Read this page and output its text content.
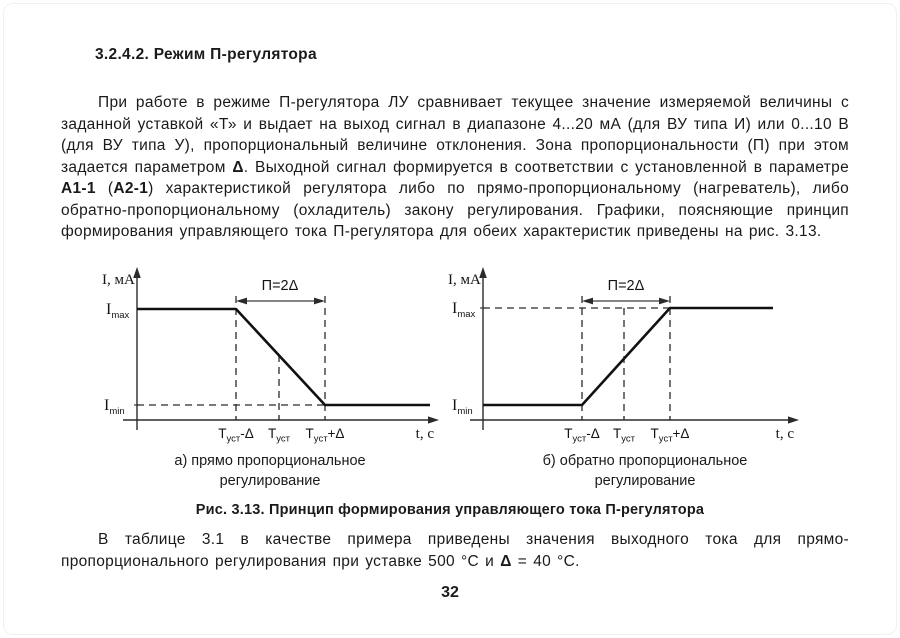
3.2.4.2. Режим П-регулятора
При работе в режиме П-регулятора ЛУ сравнивает текущее значение измеряемой величины с заданной уставкой «Т» и выдает на выход сигнал в диапазоне 4...20 мА (для ВУ типа И) или 0...10 В (для ВУ типа У), пропорциональный величине отклонения. Зона пропорциональности (П) при этом задается параметром Δ. Выходной сигнал формируется в соответствии с установленной в параметре А1-1 (А2-1) характеристикой регулятора либо по прямо-пропорциональному (нагреватель), либо обратно-пропорциональному (охладитель) закону регулирования. Графики, поясняющие принцип формирования управляющего тока П-регулятора для обеих характеристик приведены на рис. 3.13.
I, мА
$I_{max}$
$I_{min}$
П=2Δ
$T_{уст}-\Delta$ $T_{уст}$ $T_{уст}+\Delta$	t, с
I, мА
$I_{max}$
$I_{min}$
П=2Δ
$T_{уст}-\Delta$ $T_{уст}$ $T_{уст}+\Delta$	t, с
а) прямо пропорциональное
регулирование
б) обратно пропорциональное
регулирование
Рис. 3.13. Принцип формирования управляющего тока П-регулятора
В таблице 3.1 в качестве примера приведены значения выходного тока для прямо-пропорционального регулирования при уставке 500 °С и Δ = 40 °С.
32
